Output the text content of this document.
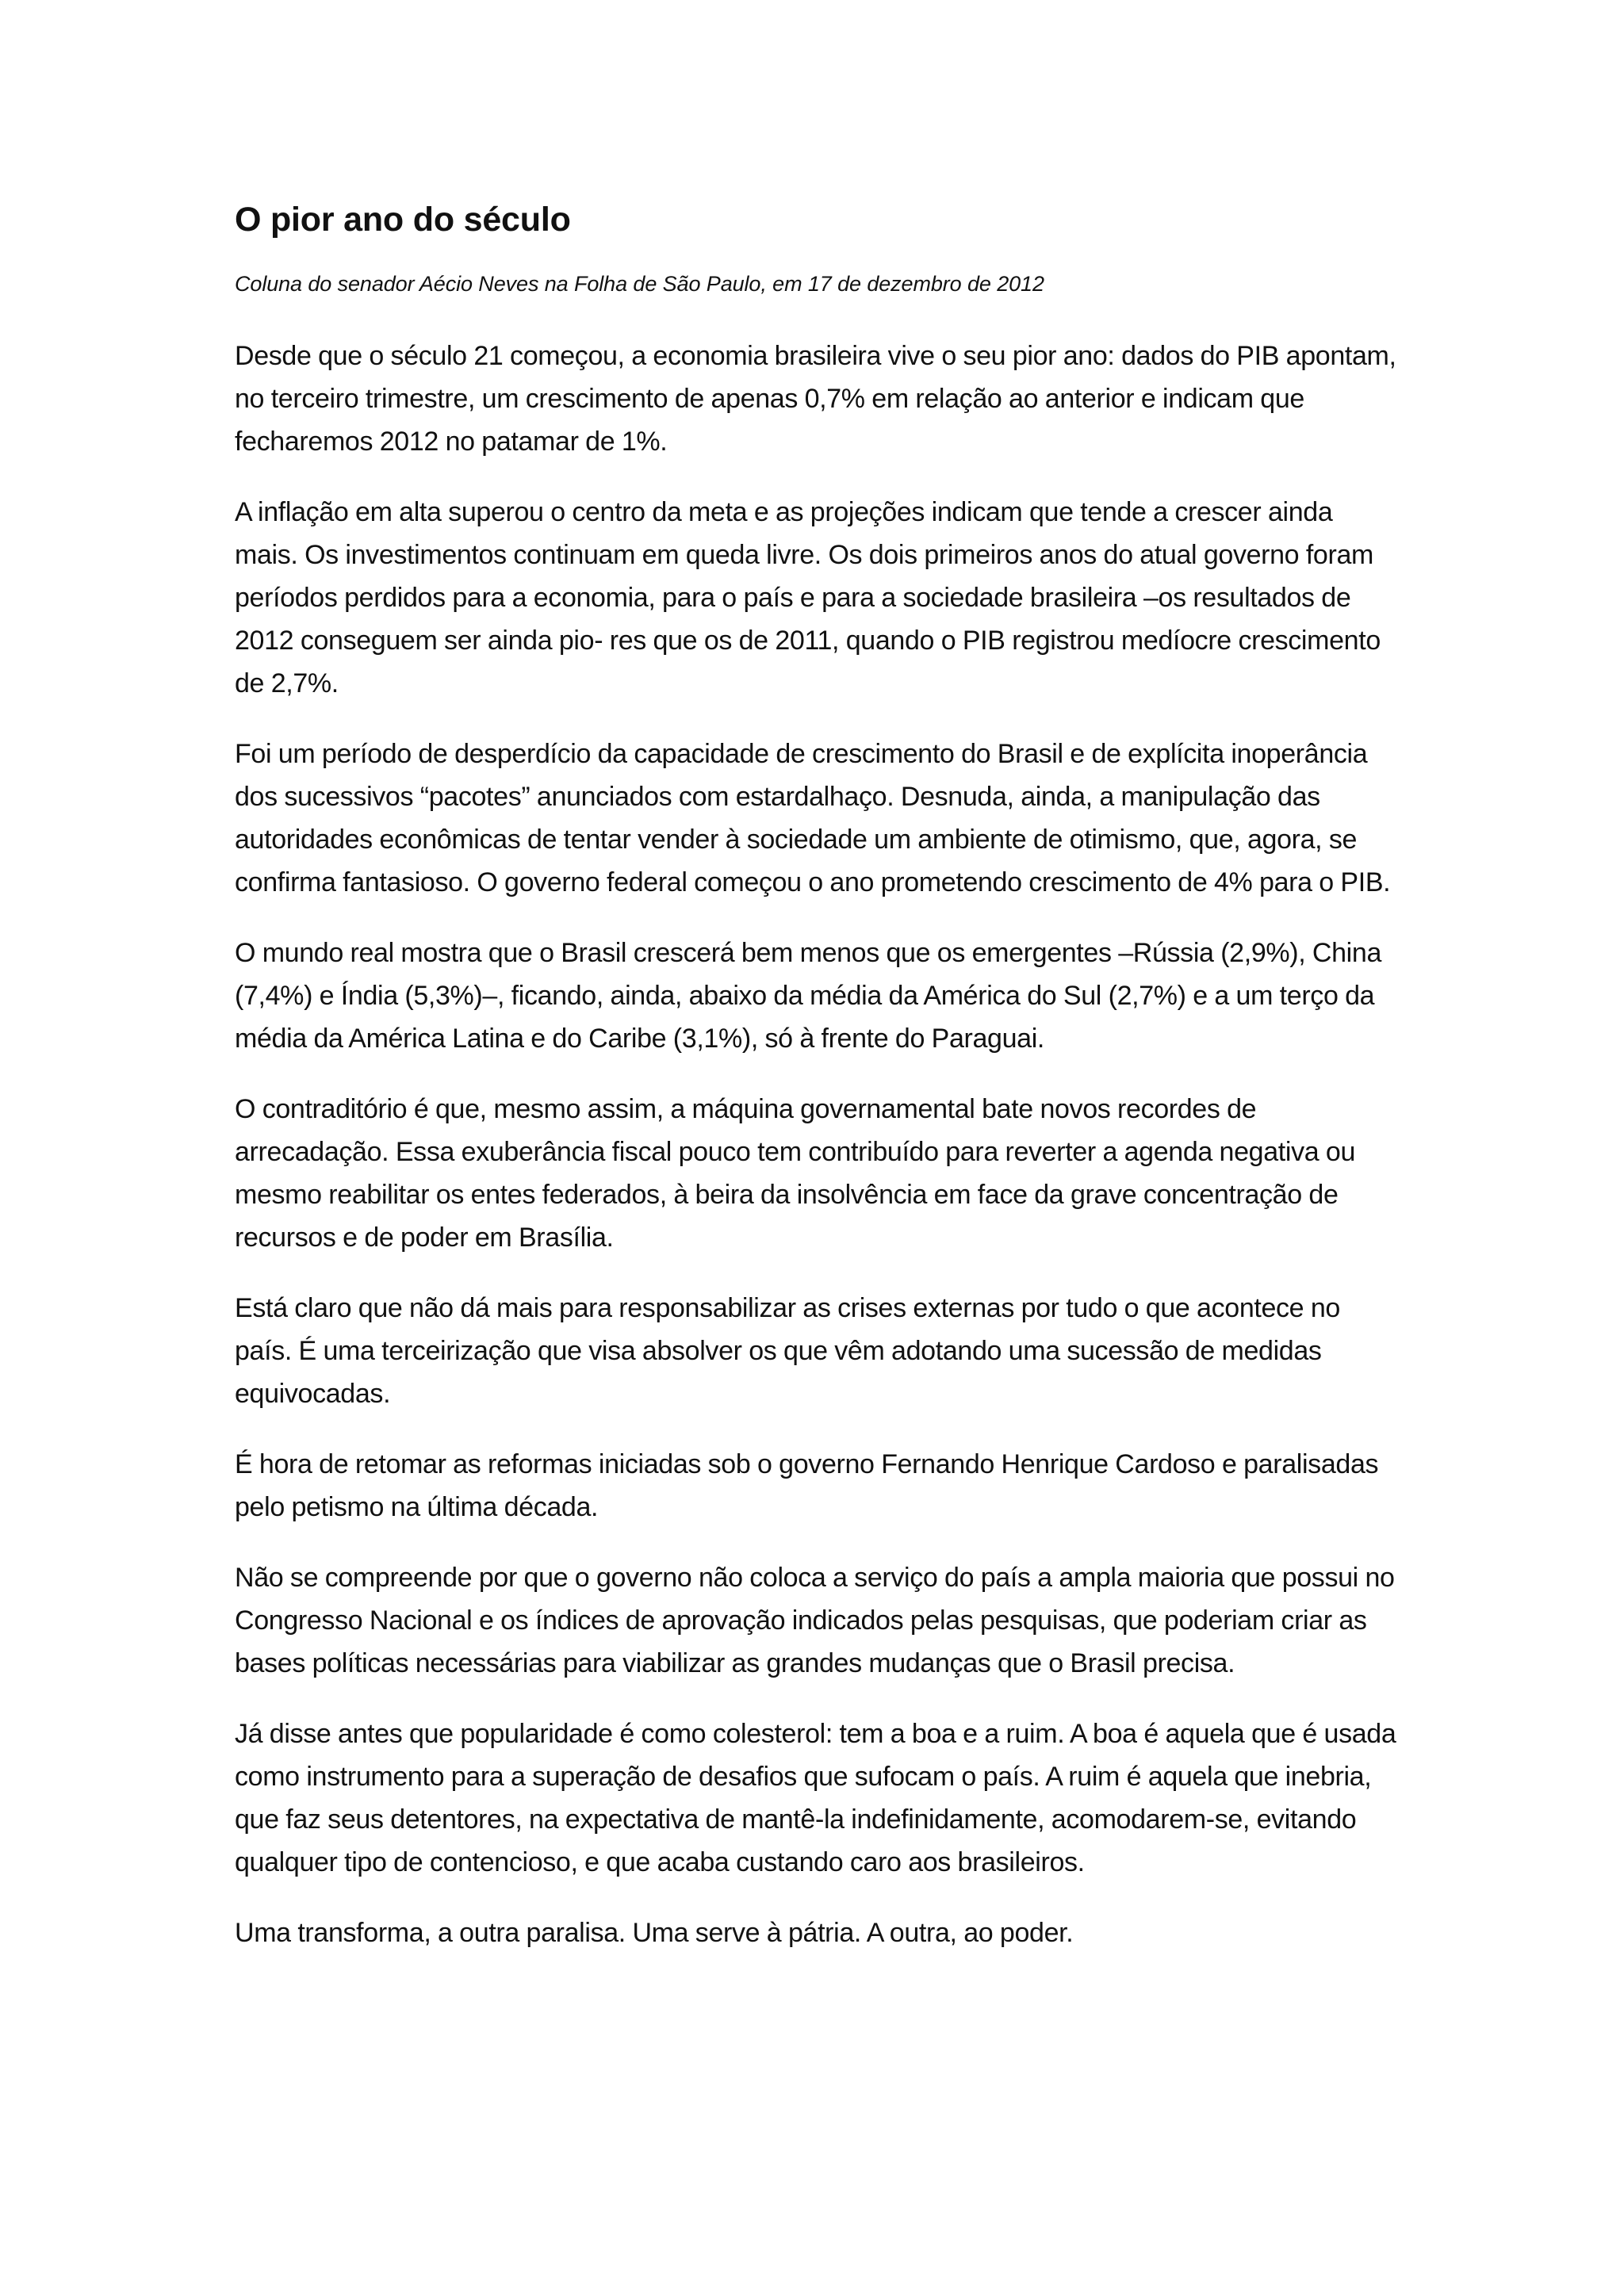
O pior ano do século

Coluna do senador Aécio Neves na Folha de São Paulo, em 17 de dezembro de 2012

Desde que o século 21 começou, a economia brasileira vive o seu pior ano: dados do PIB apontam, no terceiro trimestre, um crescimento de apenas 0,7% em relação ao anterior e indicam que fecharemos 2012 no patamar de 1%.

A inflação em alta superou o centro da meta e as projeções indicam que tende a crescer ainda mais. Os investimentos continuam em queda livre. Os dois primeiros anos do atual governo foram períodos perdidos para a economia, para o país e para a sociedade brasileira –os resultados de 2012 conseguem ser ainda pio- res que os de 2011, quando o PIB registrou medíocre crescimento de 2,7%.

Foi um período de desperdício da capacidade de crescimento do Brasil e de explícita inoperância dos sucessivos “pacotes” anunciados com estardalhaço. Desnuda, ainda, a manipulação das autoridades econômicas de tentar vender à sociedade um ambiente de otimismo, que, agora, se confirma fantasioso. O governo federal começou o ano prometendo crescimento de 4% para o PIB.

O mundo real mostra que o Brasil crescerá bem menos que os emergentes –Rússia (2,9%), China (7,4%) e Índia (5,3%)–, ficando, ainda, abaixo da média da América do Sul (2,7%) e a um terço da média da América Latina e do Caribe (3,1%), só à frente do Paraguai.

O contraditório é que, mesmo assim, a máquina governamental bate novos recordes de arrecadação. Essa exuberância fiscal pouco tem contribuído para reverter a agenda negativa ou mesmo reabilitar os entes federados, à beira da insolvência em face da grave concentração de recursos e de poder em Brasília.

Está claro que não dá mais para responsabilizar as crises externas por tudo o que acontece no país. É uma terceirização que visa absolver os que vêm adotando uma sucessão de medidas equivocadas.

É hora de retomar as reformas iniciadas sob o governo Fernando Henrique Cardoso e paralisadas pelo petismo na última década.

Não se compreende por que o governo não coloca a serviço do país a ampla maioria que possui no Congresso Nacional e os índices de aprovação indicados pelas pesquisas, que poderiam criar as bases políticas necessárias para viabilizar as grandes mudanças que o Brasil precisa.

Já disse antes que popularidade é como colesterol: tem a boa e a ruim. A boa é aquela que é usada como instrumento para a superação de desafios que sufocam o país. A ruim é aquela que inebria, que faz seus detentores, na expectativa de mantê-la indefinidamente, acomodarem-se, evitando qualquer tipo de contencioso, e que acaba custando caro aos brasileiros.

Uma transforma, a outra paralisa. Uma serve à pátria. A outra, ao poder.
